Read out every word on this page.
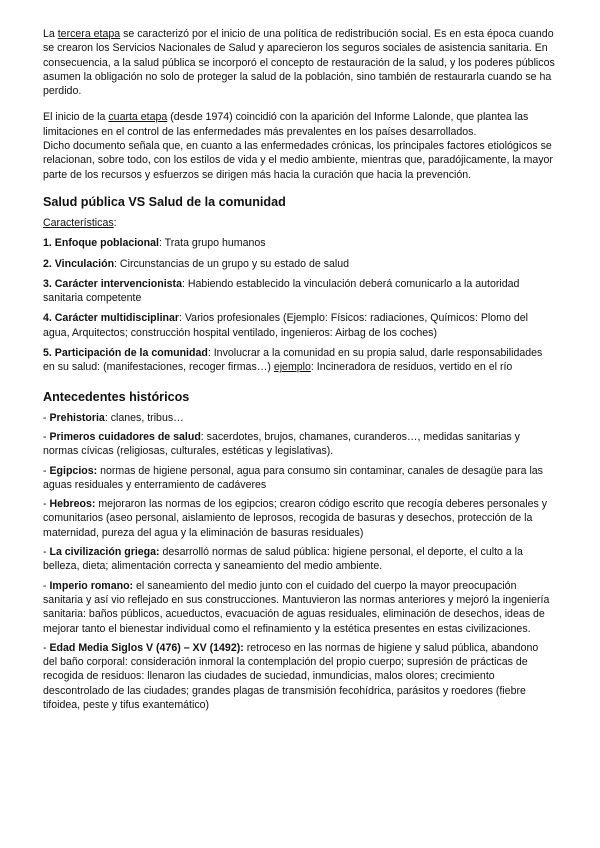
La tercera etapa se caracterizó por el inicio de una política de redistribución social. Es en esta época cuando se crearon los Servicios Nacionales de Salud y aparecieron los seguros sociales de asistencia sanitaria. En consecuencia, a la salud pública se incorporó el concepto de restauración de la salud, y los poderes públicos asumen la obligación no solo de proteger la salud de la población, sino también de restaurarla cuando se ha perdido.

El inicio de la cuarta etapa (desde 1974) coincidió con la aparición del Informe Lalonde, que plantea las limitaciones en el control de las enfermedades más prevalentes en los países desarrollados.

Dicho documento señala que, en cuanto a las enfermedades crónicas, los principales factores etiológicos se relacionan, sobre todo, con los estilos de vida y el medio ambiente, mientras que, paradójicamente, la mayor parte de los recursos y esfuerzos se dirigen más hacia la curación que hacia la prevención.

Salud pública VS Salud de la comunidad

Características:

1. Enfoque poblacional: Trata grupo humanos

2. Vinculación: Circunstancias de un grupo y su estado de salud

3. Carácter intervencionista: Habiendo establecido la vinculación deberá comunicarlo a la autoridad sanitaria competente

4. Carácter multidisciplinar: Varios profesionales (Ejemplo: Físicos: radiaciones, Químicos: Plomo del agua, Arquitectos; construcción hospital ventilado, ingenieros: Airbag de los coches)

5. Participación de la comunidad: Involucrar a la comunidad en su propia salud, darle responsabilidades en su salud: (manifestaciones, recoger firmas…) ejemplo: Incineradora de residuos, vertido en el río

Antecedentes históricos

- Prehistoria: clanes, tribus…

- Primeros cuidadores de salud: sacerdotes, brujos, chamanes, curanderos…, medidas sanitarias y normas cívicas (religiosas, culturales, estéticas y legislativas).

- Egipcios: normas de higiene personal, agua para consumo sin contaminar, canales de desagüe para las aguas residuales y enterramiento de cadáveres

- Hebreos: mejoraron las normas de los egipcios; crearon código escrito que recogía deberes personales y comunitarios (aseo personal, aislamiento de leprosos, recogida de basuras y desechos, protección de la maternidad, pureza del agua y la eliminación de basuras residuales)

- La civilización griega: desarrolló normas de salud pública: higiene personal, el deporte, el culto a la belleza, dieta; alimentación correcta y saneamiento del medio ambiente.

- Imperio romano: el saneamiento del medio junto con el cuidado del cuerpo la mayor preocupación sanitaria y así vio reflejado en sus construcciones. Mantuvieron las normas anteriores y mejoró la ingeniería sanitaria: baños públicos, acueductos, evacuación de aguas residuales, eliminación de desechos, ideas de mejorar tanto el bienestar individual como el refinamiento y la estética presentes en estas civilizaciones.

- Edad Media Siglos V (476) – XV (1492): retroceso en las normas de higiene y salud pública, abandono del baño corporal: consideración inmoral la contemplación del propio cuerpo; supresión de prácticas de recogida de residuos: llenaron las ciudades de suciedad, inmundicias, malos olores; crecimiento descontrolado de las ciudades; grandes plagas de transmisión fecohídrica, parásitos y roedores (fiebre tifoidea, peste y tifus exantemático)
